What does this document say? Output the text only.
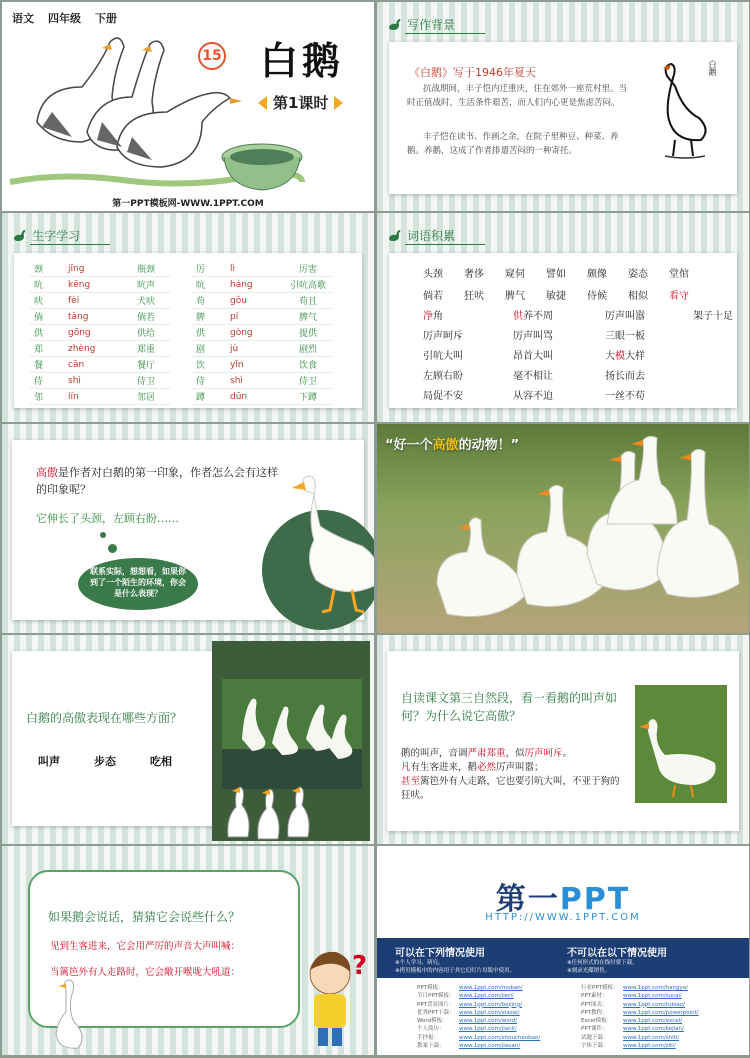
语文 四年级 下册
15 白鹅
第1课时
第一PPT模板网-WWW.1PPT.COM
写作背景
《白鹅》写于1946年夏天
抗战期间，丰子恺内迁重庆，住在郊外一座荒村里。当时正值战时，生活条件艰苦，而人们内心更是焦虑苦闷。
丰子恺在读书、作画之余，在院子里种豆、种菜、养鹅。养鹅，这成了作者排遣苦闷的一种寄托。
白鹅
生字学习
颈	jǐng	瓶颈
吭	kēng	吭声
吠	fèi	犬吠
倘	tǎng	倘若
供	gōng	供给
郑	zhèng	郑重
餐	cān	餐厅
侍	shì	侍卫
邻	lín	邻居
厉	lì	厉害
吭	háng	引吭高歌
苟	gǒu	苟且
脾	pí	脾气
供	gòng	提供
剧	jù	剧烈
饮	yǐn	饮食
侍	shì	侍卫
蹲	dūn	下蹲
词语积累
头颈	奢侈	窥伺	譬如	颇像	姿态	堂倌
倘若	狂吠	脾气	敏捷	侍候	相似	看守
净角	供养不周	厉声叫嚣	架子十足
厉声呵斥	厉声叫骂	三眼一板
引吭大叫	昂首大叫	大模大样
左顾右盼	毫不相让	扬长而去
局促不安	从容不迫	一丝不苟
高傲是作者对白鹅的第一印象，作者怎么会有这样的印象呢？
它伸长了头颈，左顾右盼……
联系实际，想想看，如果你到了一个陌生的环境，你会是什么表现？
“好一个高傲的动物！”
白鹅的高傲表现在哪些方面？
叫声	步态	吃相
自读课文第三自然段，看一看鹅的叫声如何？为什么说它高傲？
鹅的叫声，音调严肃郑重，似厉声呵斥。
凡有生客进来，鹅必然厉声叫嚣；
甚至篱笆外有人走路，它也要引吭大叫，不亚于狗的狂吠。
如果鹅会说话，猜猜它会说些什么？
见到生客进来，它会用严厉的声音大声叫喊：
当篱笆外有人走路时，它会敞开喉咙大吼道：	?
第一PPT
HTTP://WWW.1PPT.COM
可以在下列情况使用
※个人学习、研究。
※拷贝模板中的内容用于其它幻灯片母版中使用。
不可以在以下情况使用
※任何形式的在线付费下载。
※刻录光碟销售。
PPT模板：	www.1ppt.com/moban/
节日PPT模板： www.1ppt.com/jieri/
PPT背景图片： www.1ppt.com/beijing/
优秀PPT下载： www.1ppt.com/xiazai/
Word模板： www.1ppt.com/word/
个人简历：	www.1ppt.com/jianli/
手抄报：	www.1ppt.com/shouchaobao/
教案下载：	www.1ppt.com/jiaoan/
行业PPT模板： www.1ppt.com/hangye/
PPT素材：	www.1ppt.com/sucai/
PPT图表：	www.1ppt.com/tubiao/
PPT教程：	www.1ppt.com/powerpoint/
Excel模板： www.1ppt.com/excel/
PPT课件：	www.1ppt.com/kejian/
试题下载：	www.1ppt.com/shiti/
字体下载：	www.1ppt.com/ziti/
